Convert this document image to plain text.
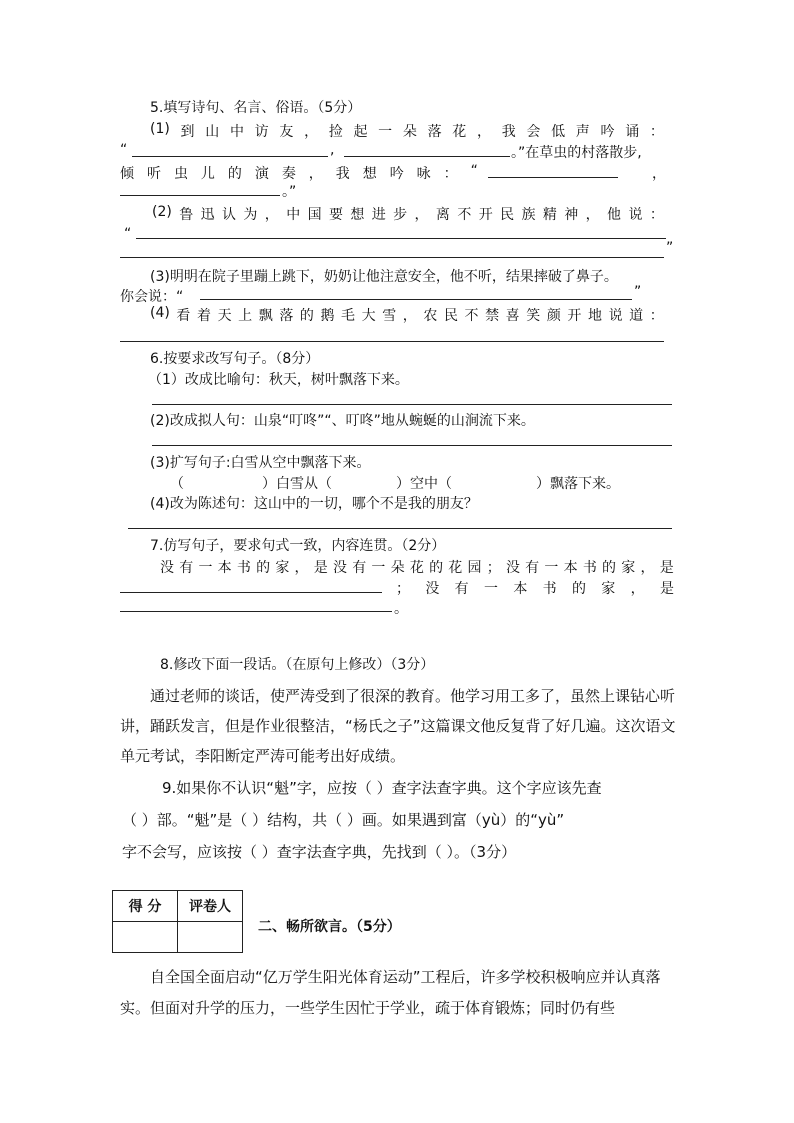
5.填写诗句、名言、俗语。（5分）
(1) 到 山 中 访 友 ， 捡 起 一 朵 落 花 ， 我 会 低 声 吟 诵 ：
“	,	。”在草虫的村落散步,
倾 听 虫 儿 的 演 奏 ， 我 想 吟 咏 ： “	，
。”
(2) 鲁 迅 认 为 ， 中 国 要 想 进 步 ， 离 不 开 民 族 精 神 ， 他 说 ：
“
”
(3)明明在院子里蹦上跳下，奶奶让他注意安全，他不听，结果摔破了鼻子。
你会说：“	”
(4) 看 着 天 上 飘 落 的 鹅 毛 大 雪 ， 农 民 不 禁 喜 笑 颜 开 地 说 道 ：
6.按要求改写句子。（8分）
（1）改成比喻句：秋天，树叶飘落下来。
(2)改成拟人句：山泉“叮咚”“、叮咚”地从蜿蜒的山涧流下来。
(3)扩写句子:白雪从空中飘落下来。
（	）白雪从（	）空中（	）飘落下来。
(4)改为陈述句：这山中的一切，哪个不是我的朋友？
7.仿写句子，要求句式一致，内容连贯。（2分）
没 有 一 本 书 的 家 ， 是 没 有 一 朵 花 的 花 园 ； 没 有 一 本 书 的 家 ， 是
； 没 有 一 本 书 的 家 ， 是
。
8.修改下面一段话。（在原句上修改）（3分）
通过老师的谈话，使严涛受到了很深的教育。他学习用工多了，虽然上课钻心听讲，踊跃发言，但是作业很整洁，“杨氏之子”这篇课文他反复背了好几遍。这次语文单元考试，李阳断定严涛可能考出好成绩。
9.如果你不认识“魁”字，应按（ ）查字法查字典。这个字应该先查
（ ）部。“魁”是（ ）结构，共（ ）画。如果遇到富（yù）的“yù”
字不会写，应该按（ ）查字法查字典，先找到（ ）。（3分）
得 分	评卷人

二、畅所欲言。（5分）
自全国全面启动“亿万学生阳光体育运动”工程后，许多学校积极响应并认真落实。但面对升学的压力，一些学生因忙于学业，疏于体育锻炼；同时仍有些
